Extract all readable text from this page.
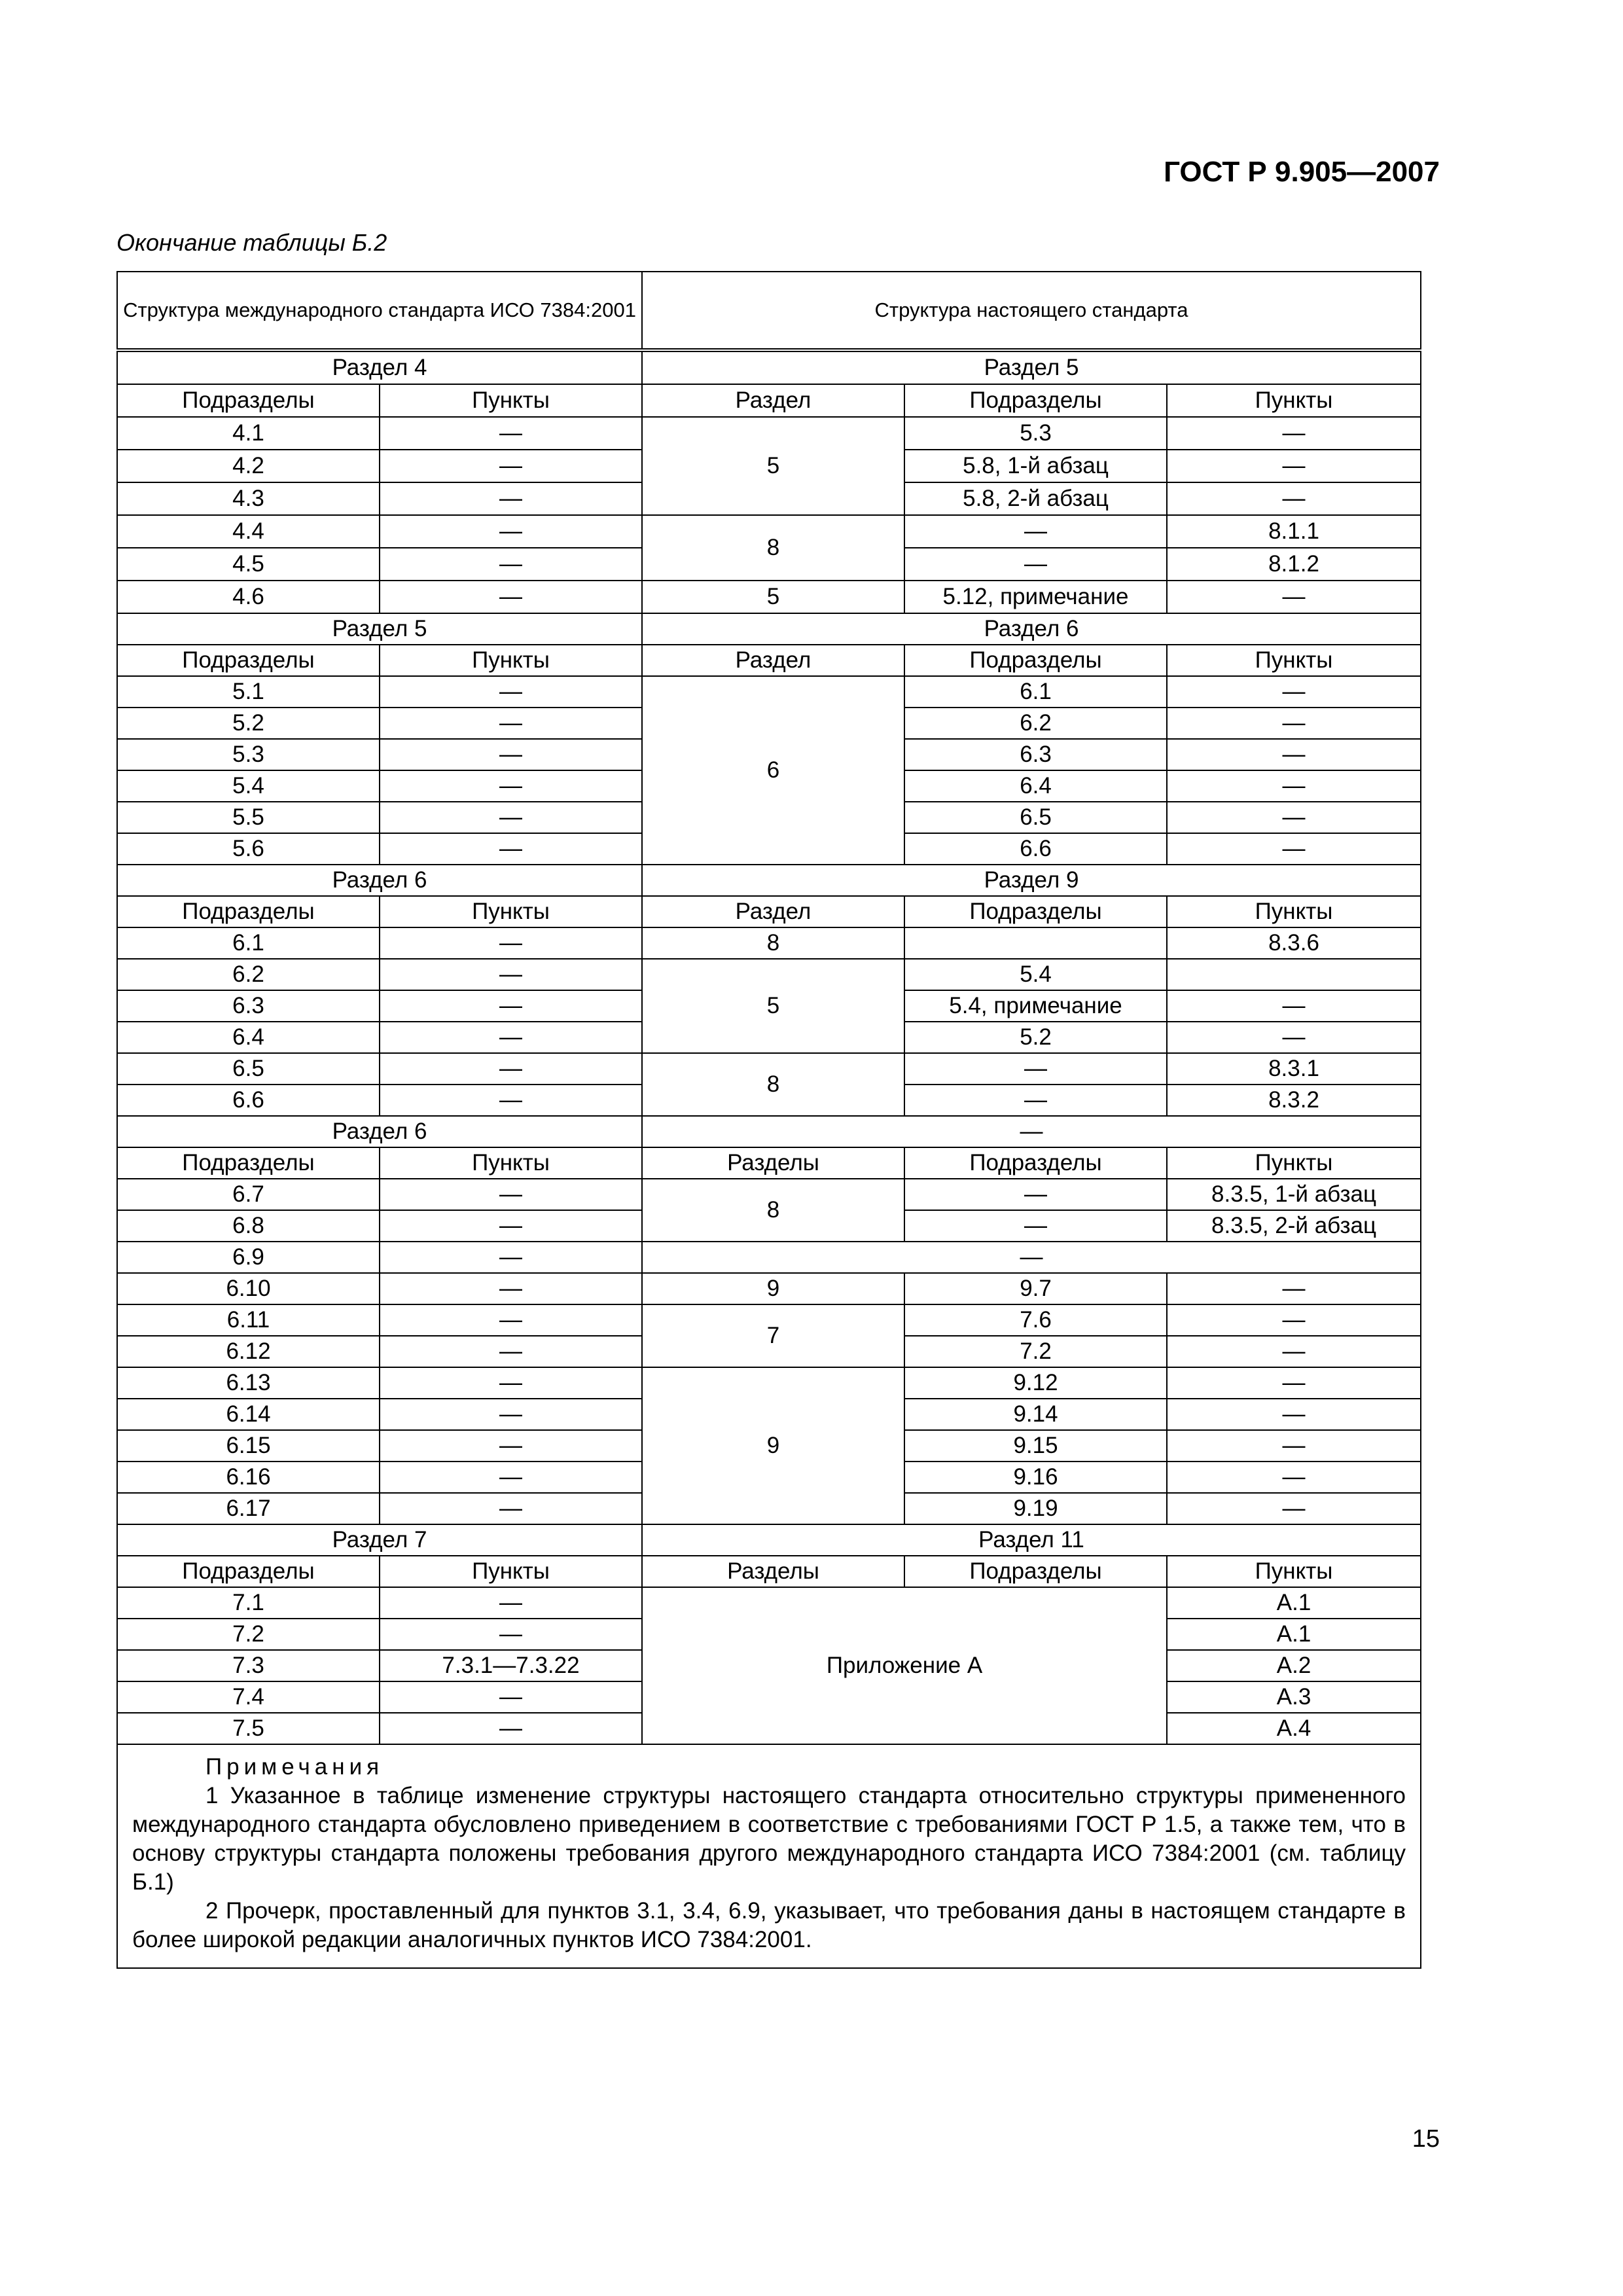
ГОСТ Р 9.905—2007
Окончание таблицы Б.2
Структура международного стандарта ИСО 7384:2001		Структура настоящего стандарта		
Раздел 4		Раздел 5		
Подразделы	Пункты	Раздел	Подразделы	Пункты
4.1	—	5	5.3	—
4.2	—		5.8, 1-й абзац	—
4.3	—		5.8, 2-й абзац	—
4.4	—	8	—	8.1.1
4.5	—		—	8.1.2
4.6	—	5	5.12, примечание	—
Раздел 5		Раздел 6		
Подразделы	Пункты	Раздел	Подразделы	Пункты
5.1	—	6	6.1	—
5.2	—		6.2	—
5.3	—		6.3	—
5.4	—		6.4	—
5.5	—		6.5	—
5.6	—		6.6	—
Раздел 6		Раздел 9		
Подразделы	Пункты	Раздел	Подразделы	Пункты
6.1	—	8		8.3.6
6.2	—	5	5.4	
6.3	—		5.4, примечание	—
6.4	—		5.2	—
6.5	—	8	—	8.3.1
6.6	—		—	8.3.2
Раздел 6		—		
Подразделы	Пункты	Разделы	Подразделы	Пункты
6.7	—	8	—	8.3.5, 1-й абзац
6.8	—		—	8.3.5, 2-й абзац
6.9	—	—		
6.10	—	9	9.7	—
6.11	—	7	7.6	—
6.12	—		7.2	—
6.13	—	9	9.12	—
6.14	—		9.14	—
6.15	—		9.15	—
6.16	—		9.16	—
6.17	—		9.19	—
Раздел 7		Раздел 11		
Подразделы	Пункты	Разделы	Подразделы	Пункты
7.1	—	Приложение А		А.1
7.2	—			А.1
7.3	7.3.1—7.3.22			А.2
7.4	—			А.3
7.5	—			А.4

Примечания

1 Указанное в таблице изменение структуры настоящего стандарта относительно структуры примененного международного стандарта обусловлено приведением в соответствие с требованиями ГОСТ Р 1.5, а также тем, что в основу структуры стандарта положены требования другого международного стандарта ИСО 7384:2001 (см. таблицу Б.1)

2 Прочерк, проставленный для пунктов 3.1, 3.4, 6.9, указывает, что требования даны в настоящем стандарте в более широкой редакции аналогичных пунктов ИСО 7384:2001.				

15
